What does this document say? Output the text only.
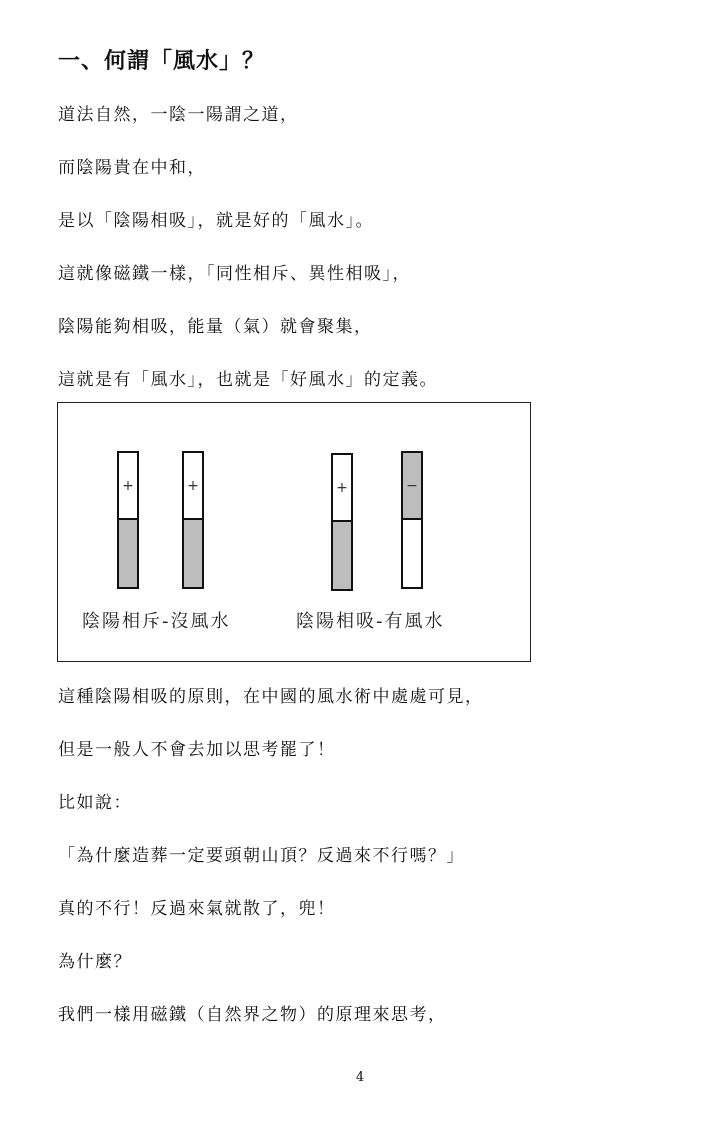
一、何謂「風水」？

道法自然，一陰一陽謂之道，

而陰陽貴在中和，

是以「陰陽相吸」，就是好的「風水」。

這就像磁鐵一樣，「同性相斥、異性相吸」，

陰陽能夠相吸，能量（氣）就會聚集，

這就是有「風水」，也就是「好風水」的定義。

+	+	+	−

陰陽相斥-沒風水	陰陽相吸-有風水

這種陰陽相吸的原則，在中國的風水術中處處可見，

但是一般人不會去加以思考罷了！

比如說：

「為什麼造葬一定要頭朝山頂？反過來不行嗎？」

真的不行！反過來氣就散了，兜！

為什麼？

我們一樣用磁鐵（自然界之物）的原理來思考，

4
